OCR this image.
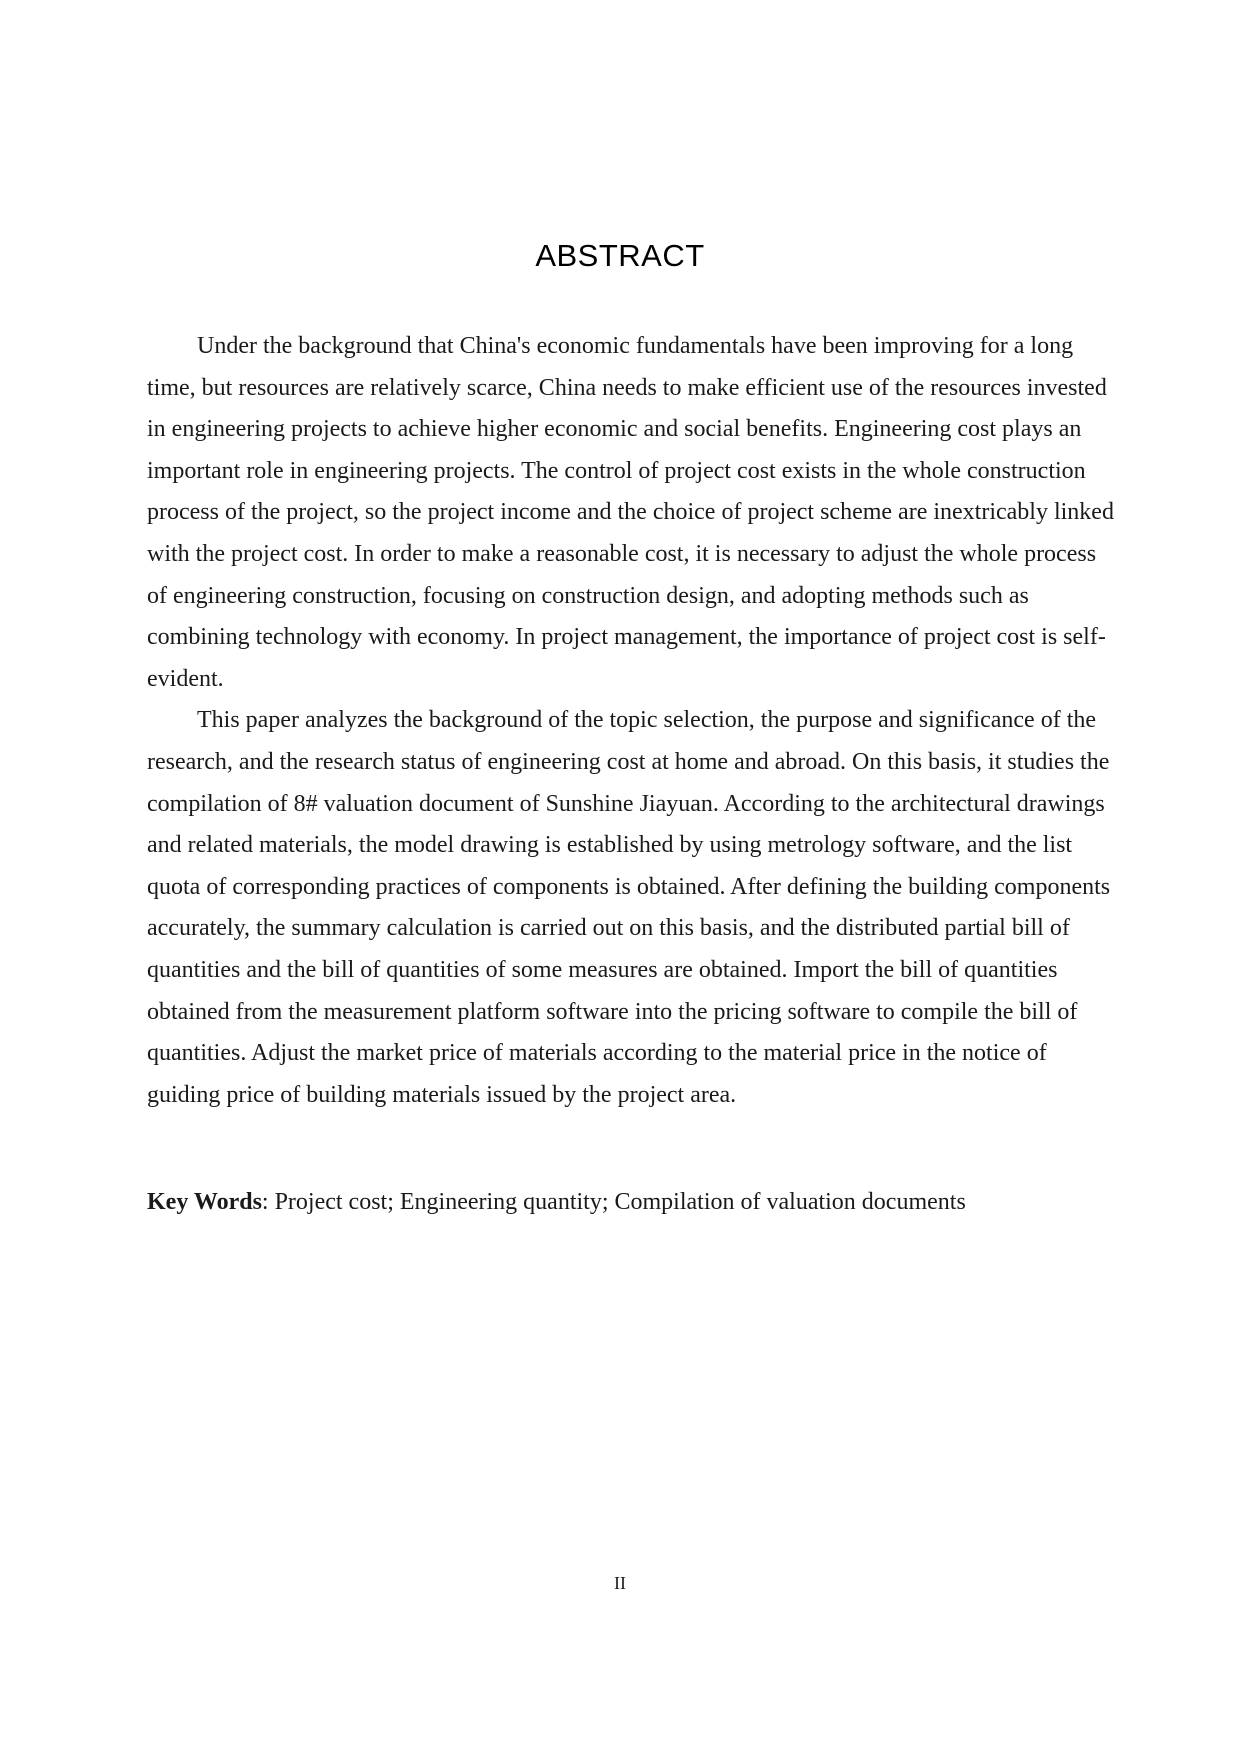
ABSTRACT

Under the background that China's economic fundamentals have been improving for a long time, but resources are relatively scarce, China needs to make efficient use of the resources invested in engineering projects to achieve higher economic and social benefits. Engineering cost plays an important role in engineering projects. The control of project cost exists in the whole construction process of the project, so the project income and the choice of project scheme are inextricably linked with the project cost. In order to make a reasonable cost, it is necessary to adjust the whole process of engineering construction, focusing on construction design, and adopting methods such as combining technology with economy. In project management, the importance of project cost is self-evident.

This paper analyzes the background of the topic selection, the purpose and significance of the research, and the research status of engineering cost at home and abroad. On this basis, it studies the compilation of 8# valuation document of Sunshine Jiayuan. According to the architectural drawings and related materials, the model drawing is established by using metrology software, and the list quota of corresponding practices of components is obtained. After defining the building components accurately, the summary calculation is carried out on this basis, and the distributed partial bill of quantities and the bill of quantities of some measures are obtained. Import the bill of quantities obtained from the measurement platform software into the pricing software to compile the bill of quantities. Adjust the market price of materials according to the material price in the notice of guiding price of building materials issued by the project area.

Key Words: Project cost; Engineering quantity; Compilation of valuation documents
II
